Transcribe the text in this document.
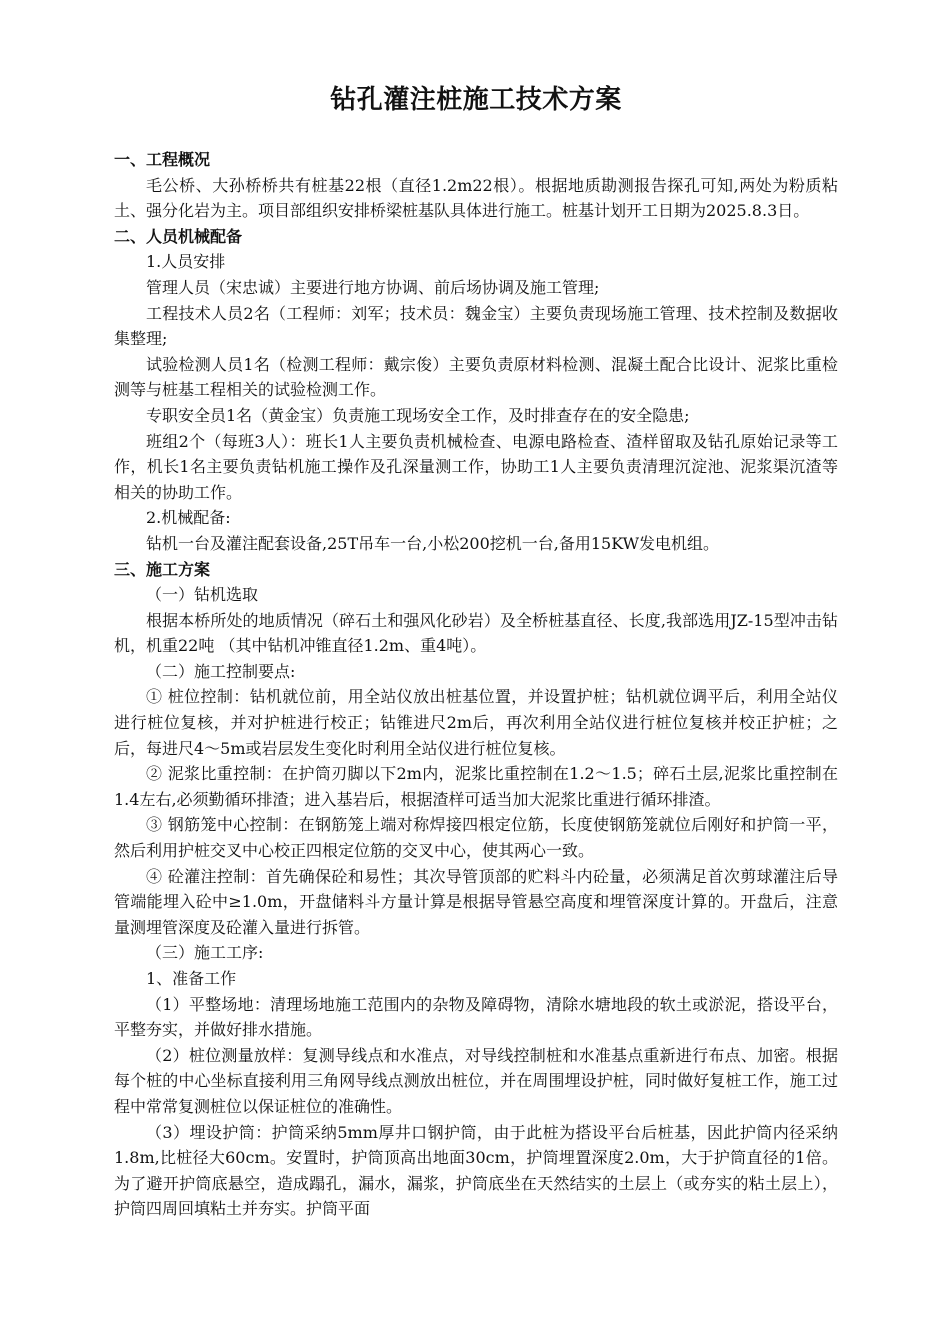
钻孔灌注桩施工技术方案
一、工程概况

毛公桥、大孙桥桥共有桩基22根（直径1.2m22根）。根据地质勘测报告探孔可知,两处为粉质粘土、强分化岩为主。项目部组织安排桥梁桩基队具体进行施工。桩基计划开工日期为2025.8.3日。

二、人员机械配备

1.人员安排

管理人员（宋忠诚）主要进行地方协调、前后场协调及施工管理;

工程技术人员2名（工程师：刘军；技术员：魏金宝）主要负责现场施工管理、技术控制及数据收集整理;

试验检测人员1名（检测工程师：戴宗俊）主要负责原材料检测、混凝土配合比设计、泥浆比重检测等与桩基工程相关的试验检测工作。

专职安全员1名（黄金宝）负责施工现场安全工作，及时排查存在的安全隐患;

班组2个（每班3人）：班长1人主要负责机械检查、电源电路检查、渣样留取及钻孔原始记录等工作，机长1名主要负责钻机施工操作及孔深量测工作，协助工1人主要负责清理沉淀池、泥浆渠沉渣等相关的协助工作。

2.机械配备:

钻机一台及灌注配套设备,25T吊车一台,小松200挖机一台,备用15KW发电机组。

三、施工方案

（一）钻机选取

根据本桥所处的地质情况（碎石土和强风化砂岩）及全桥桩基直径、长度,我部选用JZ-15型冲击钻机，机重22吨 （其中钻机冲锥直径1.2m、重4吨）。

（二）施工控制要点:

① 桩位控制：钻机就位前，用全站仪放出桩基位置，并设置护桩；钻机就位调平后，利用全站仪进行桩位复核，并对护桩进行校正；钻锥进尺2m后，再次利用全站仪进行桩位复核并校正护桩；之后，每进尺4～5m或岩层发生变化时利用全站仪进行桩位复核。

② 泥浆比重控制：在护筒刃脚以下2m内，泥浆比重控制在1.2～1.5；碎石土层,泥浆比重控制在1.4左右,必须勤循环排渣；进入基岩后，根据渣样可适当加大泥浆比重进行循环排渣。

③ 钢筋笼中心控制：在钢筋笼上端对称焊接四根定位筋，长度使钢筋笼就位后刚好和护筒一平，然后利用护桩交叉中心校正四根定位筋的交叉中心，使其两心一致。

④ 砼灌注控制：首先确保砼和易性；其次导管顶部的贮料斗内砼量，必须满足首次剪球灌注后导管端能埋入砼中≥1.0m，开盘储料斗方量计算是根据导管悬空高度和埋管深度计算的。开盘后，注意量测埋管深度及砼灌入量进行拆管。

（三）施工工序:

1、准备工作

（1）平整场地：清理场地施工范围内的杂物及障碍物，清除水塘地段的软土或淤泥，搭设平台，平整夯实，并做好排水措施。

（2）桩位测量放样：复测导线点和水准点，对导线控制桩和水准基点重新进行布点、加密。根据每个桩的中心坐标直接利用三角网导线点测放出桩位，并在周围埋设护桩，同时做好复桩工作，施工过程中常常复测桩位以保证桩位的准确性。

（3）埋设护筒：护筒采纳5mm厚井口钢护筒，由于此桩为搭设平台后桩基，因此护筒内径采纳1.8m,比桩径大60cm。安置时，护筒顶高出地面30cm，护筒埋置深度2.0m，大于护筒直径的1倍。为了避开护筒底悬空，造成蹋孔，漏水，漏浆，护筒底坐在天然结实的土层上（或夯实的粘土层上），护筒四周回填粘土并夯实。护筒平面
